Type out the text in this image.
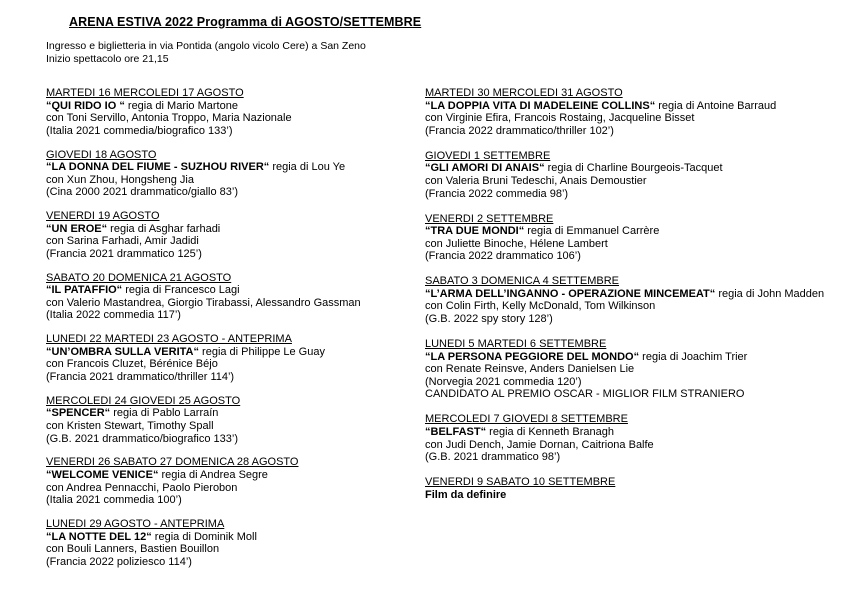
ARENA ESTIVA 2022 Programma di AGOSTO/SETTEMBRE
Ingresso e biglietteria in via Pontida (angolo vicolo Cere) a San Zeno
Inizio spettacolo ore 21,15
MARTEDI 16 MERCOLEDI 17 AGOSTO
“QUI RIDO IO “ regia di Mario Martone
con Toni Servillo, Antonia Troppo, Maria Nazionale
(Italia 2021 commedia/biografico 133’)
GIOVEDI 18 AGOSTO
“LA DONNA DEL FIUME - SUZHOU RIVER“ regia di Lou Ye
con Xun Zhou, Hongsheng Jia
(Cina 2000 2021 drammatico/giallo 83’)
VENERDI 19 AGOSTO
“UN EROE“ regia di Asghar farhadi
con Sarina Farhadi, Amir Jadidi
(Francia 2021 drammatico 125’)
SABATO 20 DOMENICA 21 AGOSTO
“IL PATAFFIO“ regia di Francesco Lagi
con Valerio Mastandrea, Giorgio Tirabassi, Alessandro Gassman
(Italia 2022 commedia 117’)
LUNEDI 22 MARTEDI 23 AGOSTO - ANTEPRIMA
“UN’OMBRA SULLA VERITA“ regia di Philippe Le Guay
con Francois Cluzet, Bérénice Béjo
(Francia 2021 drammatico/thriller 114’)
MERCOLEDI 24 GIOVEDI 25 AGOSTO
“SPENCER“ regia di Pablo Larraín
con Kristen Stewart, Timothy Spall
(G.B. 2021 drammatico/biografico 133’)
VENERDI 26 SABATO 27 DOMENICA 28 AGOSTO
“WELCOME VENICE“ regia di Andrea Segre
con Andrea Pennacchi, Paolo Pierobon
(Italia 2021 commedia 100’)
LUNEDI 29 AGOSTO - ANTEPRIMA
“LA NOTTE DEL 12“ regia di Dominik Moll
con Bouli Lanners, Bastien Bouillon
(Francia 2022 poliziesco 114’)
MARTEDI 30 MERCOLEDI 31 AGOSTO
“LA DOPPIA VITA DI MADELEINE COLLINS“ regia di Antoine Barraud
con Virginie Efira, Francois Rostaing, Jacqueline Bisset
(Francia 2022 drammatico/thriller 102’)
GIOVEDI 1 SETTEMBRE
“GLI AMORI DI ANAIS“ regia di Charline Bourgeois-Tacquet
con Valeria Bruni Tedeschi, Anais Demoustier
(Francia 2022 commedia 98’)
VENERDI 2 SETTEMBRE
“TRA DUE MONDI“ regia di Emmanuel Carrère
con Juliette Binoche, Hélene Lambert
(Francia 2022 drammatico 106’)
SABATO 3 DOMENICA 4 SETTEMBRE
“L’ARMA DELL’INGANNO - OPERAZIONE MINCEMEAT“ regia di John Madden
con Colin Firth, Kelly McDonald, Tom Wilkinson
(G.B. 2022 spy story 128’)
LUNEDI 5 MARTEDI 6 SETTEMBRE
“LA PERSONA PEGGIORE DEL MONDO“ regia di Joachim Trier
con Renate Reinsve, Anders Danielsen Lie
(Norvegia 2021 commedia 120’)
CANDIDATO AL PREMIO OSCAR - MIGLIOR FILM STRANIERO
MERCOLEDI 7 GIOVEDI 8 SETTEMBRE
“BELFAST“ regia di Kenneth Branagh
con Judi Dench, Jamie Dornan, Caitriona Balfe
(G.B. 2021 drammatico 98’)
VENERDI 9 SABATO 10 SETTEMBRE
Film da definire
